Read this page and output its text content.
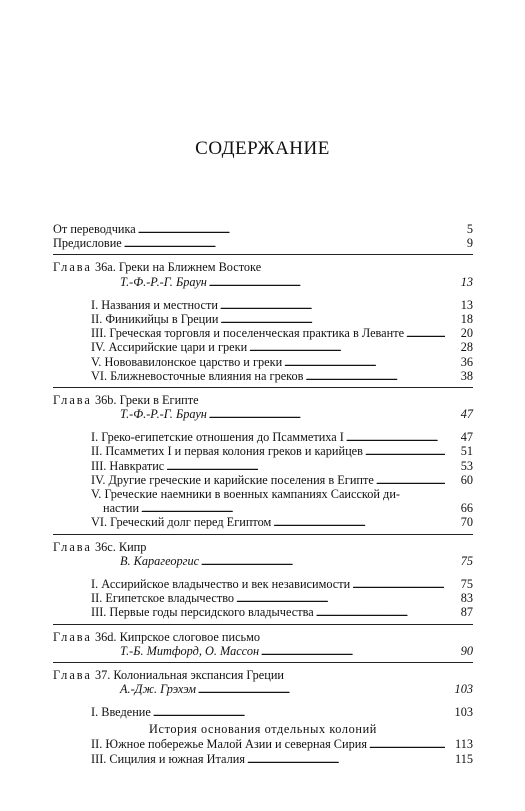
СОДЕРЖАНИЕ
От переводчика . . .	5
Предисловие . . .	9
Глава 36а. Греки на Ближнем Востоке
Т.-Ф.-Р.-Г. Браун . . .	13
I. Названия и местности . . .	13
II. Финикийцы в Греции . . .	18
III. Греческая торговля и поселенческая практика в Леванте . . .	20
IV. Ассирийские цари и греки . . .	28
V. Нововавилонское царство и греки . . .	36
VI. Ближневосточные влияния на греков . . .	38
Глава 36b. Греки в Египте
Т.-Ф.-Р.-Г. Браун . . .	47
I. Греко-египетские отношения до Псамметиха I . . .	47
II. Псамметих I и первая колония греков и карийцев . . .	51
III. Навкратис . . .	53
IV. Другие греческие и карийские поселения в Египте . . .	60
V. Греческие наемники в военных кампаниях Саисской ди-
настии . . .	66
VI. Греческий долг перед Египтом . . .	70
Глава 36c. Кипр
В. Карагеоргис . . .	75
I. Ассирийское владычество и век независимости . . .	75
II. Египетское владычество . . .	83
III. Первые годы персидского владычества . . .	87
Глава 36d. Кипрское слоговое письмо
Т.-Б. Митфорд, О. Массон . . .	90
Глава 37. Колониальная экспансия Греции
А.-Дж. Грэхэм . . .	103
I. Введение . . .	103
История основания отдельных колоний
II. Южное побережье Малой Азии и северная Сирия . . .	113
III. Сицилия и южная Италия . . .	115
